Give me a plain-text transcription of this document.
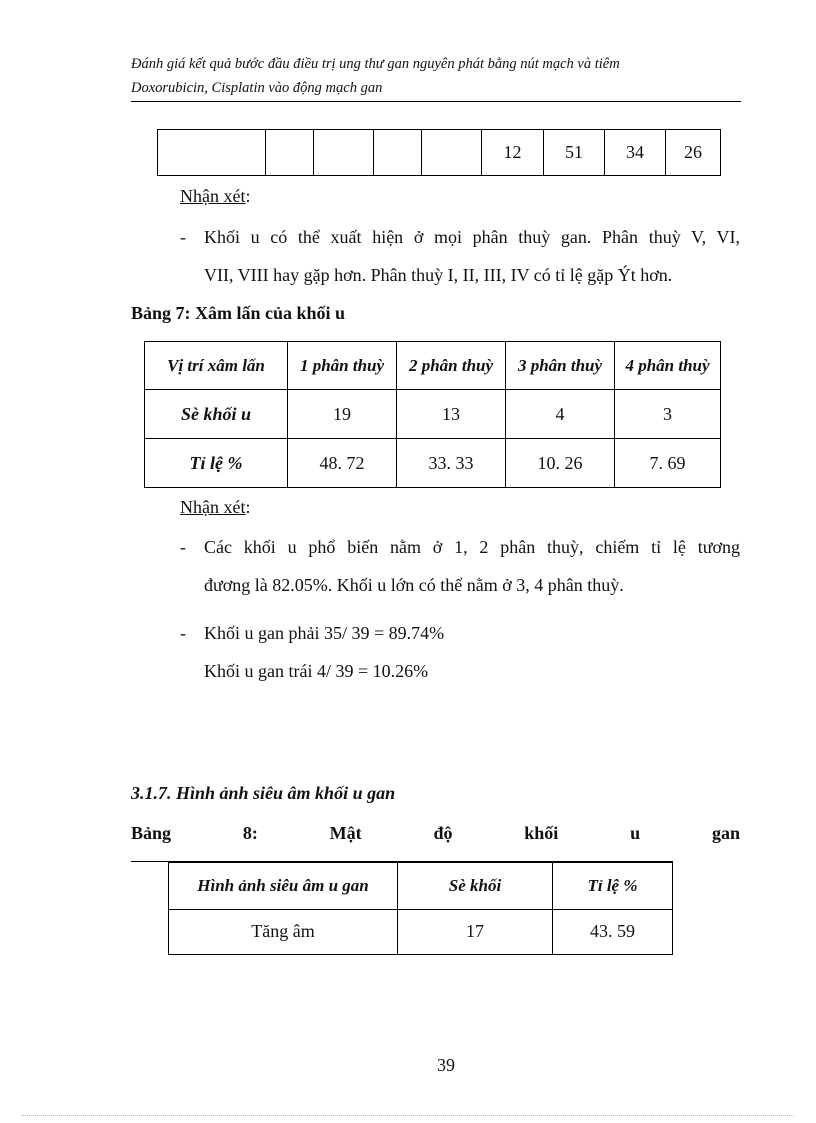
Đánh giá kết quả bước đầu điều trị ung thư gan nguyên phát bằng nút mạch và tiêm
Doxorubicin, Cisplatin vào động mạch gan
					12	51	34	26
Nhận xét:
- Khối u có thể xuất hiện ở mọi phân thuỳ gan. Phân thuỳ V, VI,
VII, VIII hay gặp hơn. Phân thuỳ I, II, III, IV có tỉ lệ gặp Ýt hơn.
Bảng 7: Xâm lấn của khối u
Vị trí xâm lấn	1 phân thuỳ	2 phân thuỳ	3 phân thuỳ	4 phân thuỳ
Sè khối u	19	13	4	3
Tỉ lệ %	48. 72	33. 33	10. 26	7. 69
Nhận xét:
- Các khối u phổ biến nằm ở 1, 2 phân thuỳ, chiếm tỉ lệ tương
đương là 82.05%. Khối u lớn có thể nằm ở 3, 4 phân thuỳ.
- Khối u gan phải 35/ 39 = 89.74%
Khối u gan trái 4/ 39 = 10.26%
3.1.7. Hình ảnh siêu âm khối u gan
Bảng	8:	Mật	độ	khối	u	gan
Hình ảnh siêu âm u gan	Sè khối	Tỉ lệ %
Tăng âm	17	43. 59
39
